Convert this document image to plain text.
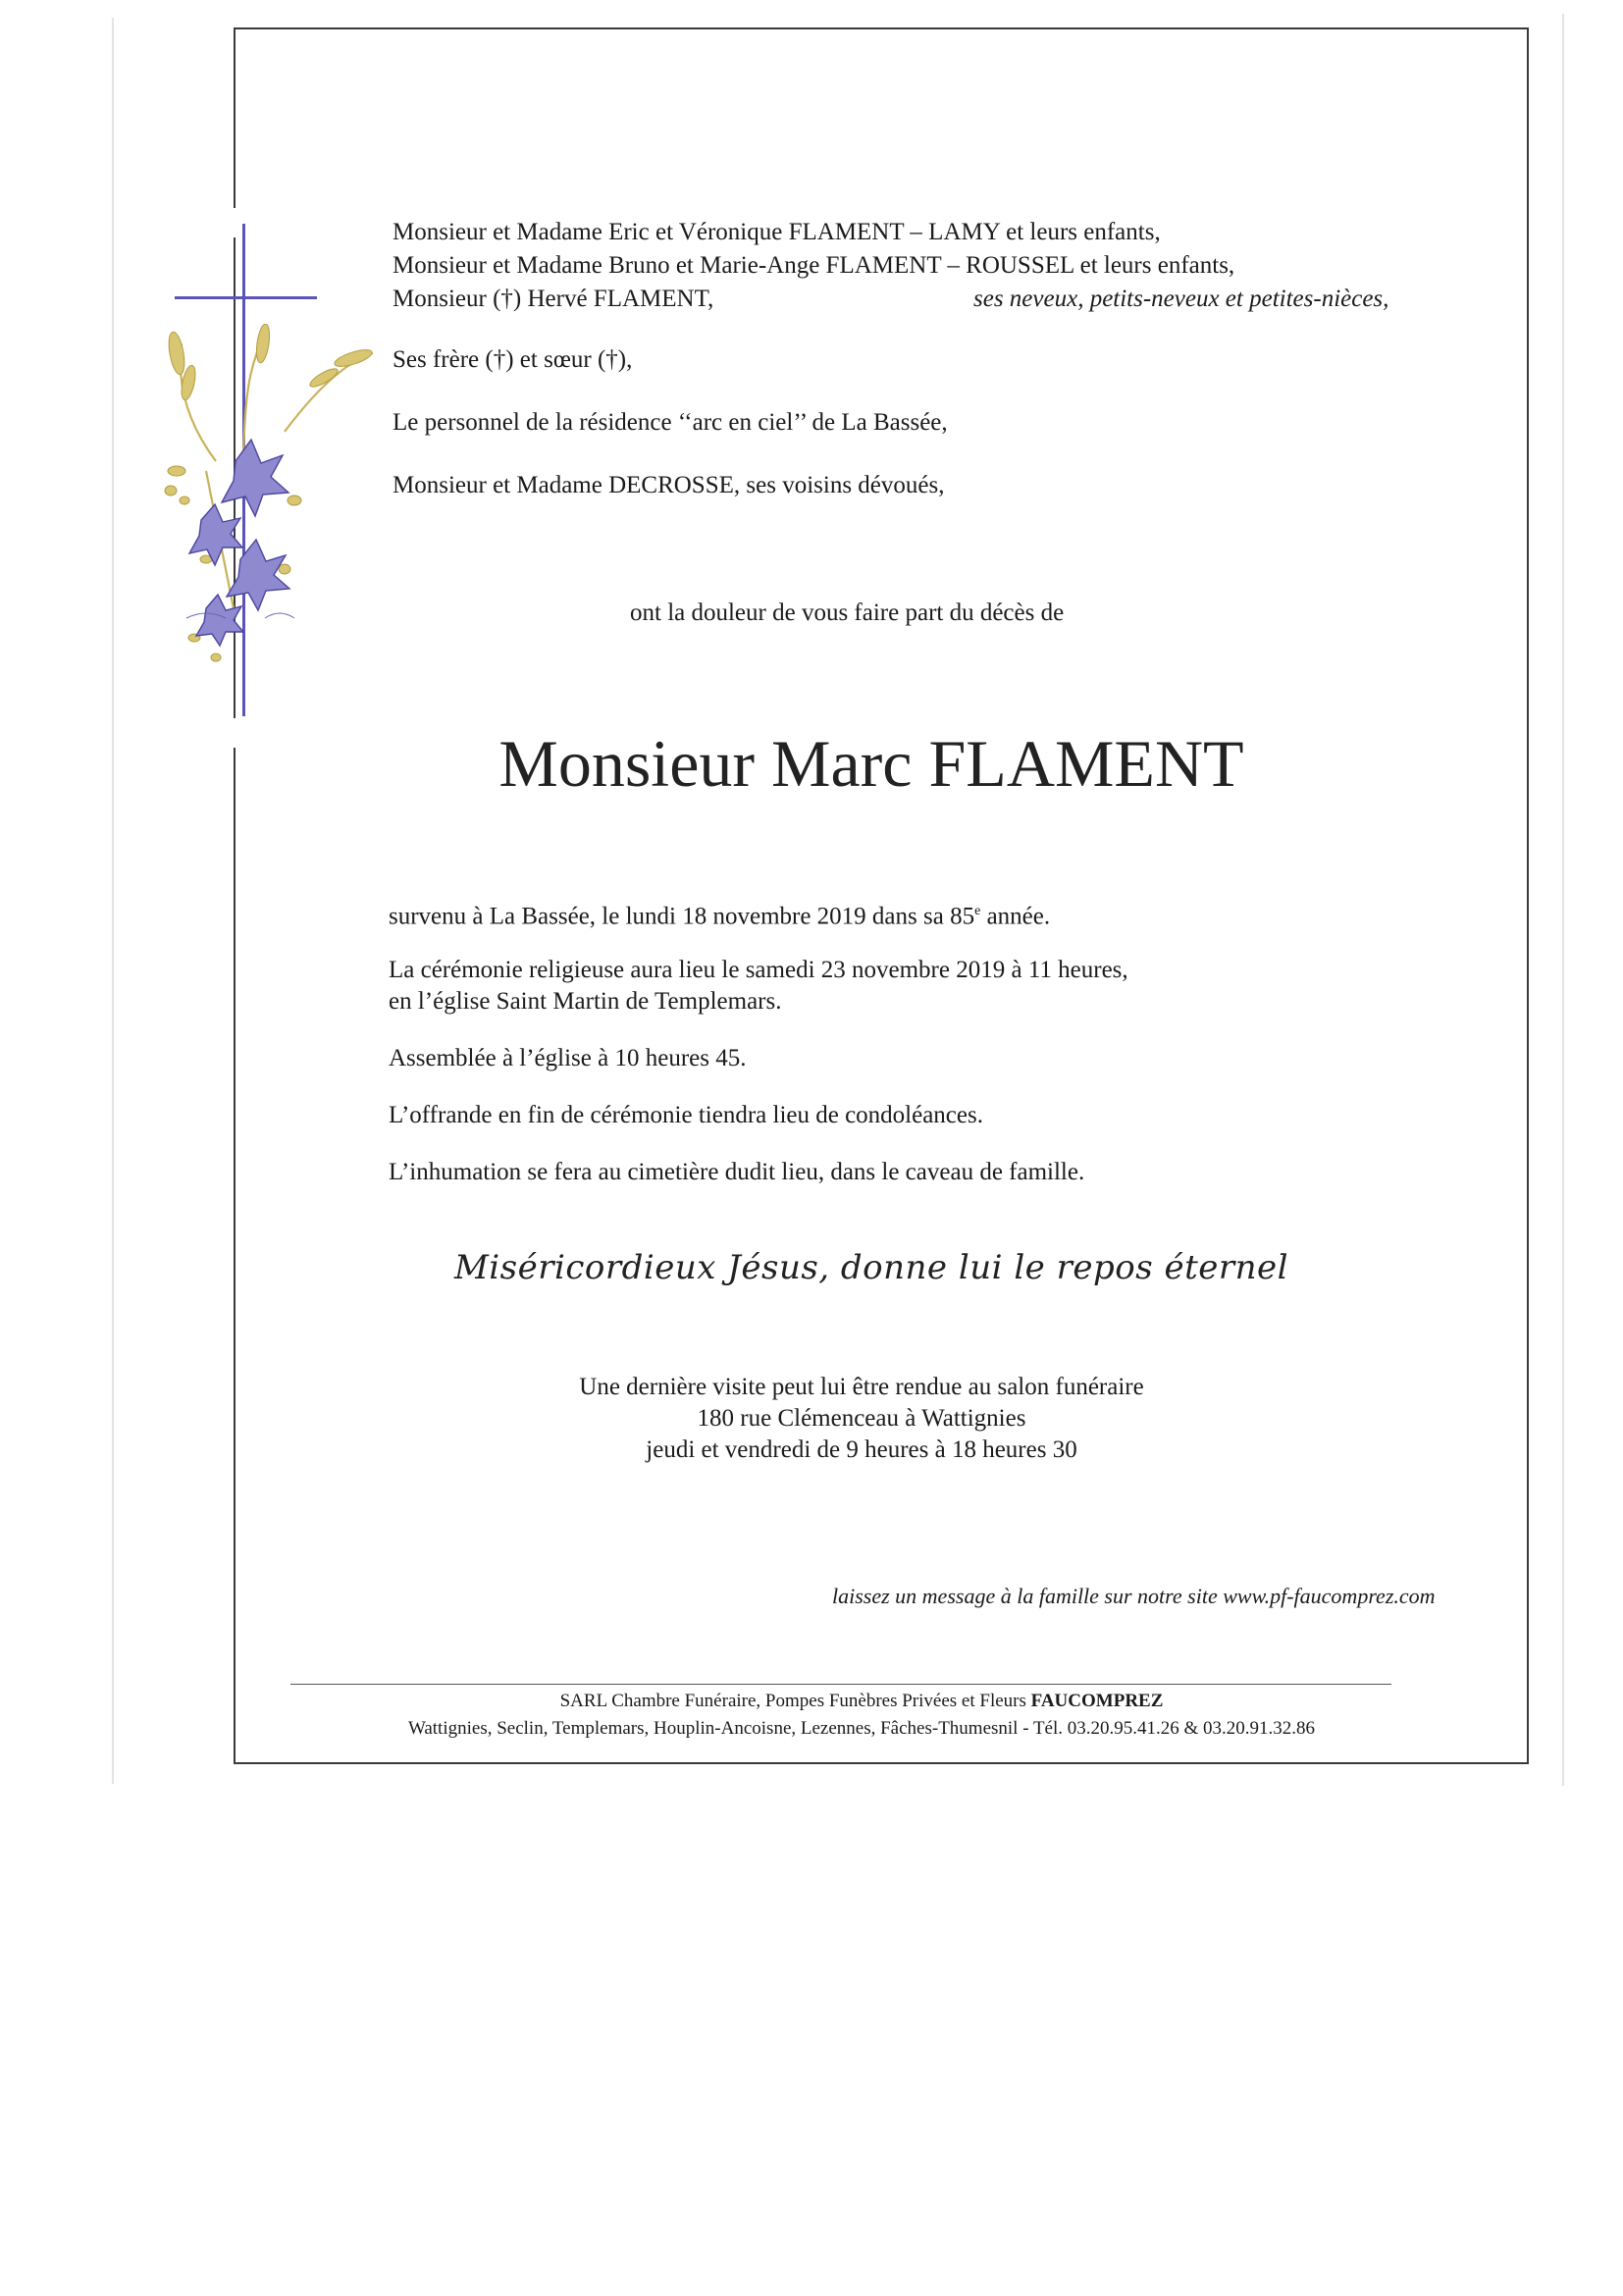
Monsieur et Madame Eric et Véronique FLAMENT – LAMY et leurs enfants,
Monsieur et Madame Bruno et Marie-Ange FLAMENT – ROUSSEL et leurs enfants,
Monsieur (†) Hervé FLAMENT,	ses neveux, petits-neveux et petites-nièces,
Ses frère (†) et sœur (†),
Le personnel de la résidence ‘‘arc en ciel’’ de La Bassée,
Monsieur et Madame DECROSSE, ses voisins dévoués,
ont la douleur de vous faire part du décès de
Monsieur Marc FLAMENT
survenu à La Bassée, le lundi 18 novembre 2019 dans sa 85e année.
La cérémonie religieuse aura lieu le samedi 23 novembre 2019 à 11 heures,
en l’église Saint Martin de Templemars.
Assemblée à l’église à 10 heures 45.
L’offrande en fin de cérémonie tiendra lieu de condoléances.
L’inhumation se fera au cimetière dudit lieu, dans le caveau de famille.
Miséricordieux Jésus, donne lui le repos éternel
Une dernière visite peut lui être rendue au salon funéraire
180 rue Clémenceau à Wattignies
jeudi et vendredi de 9 heures à 18 heures 30
laissez un message à la famille sur notre site www.pf-faucomprez.com
SARL Chambre Funéraire, Pompes Funèbres Privées et Fleurs FAUCOMPREZ
Wattignies, Seclin, Templemars, Houplin-Ancoisne, Lezennes, Fâches-Thumesnil - Tél. 03.20.95.41.26 & 03.20.91.32.86
